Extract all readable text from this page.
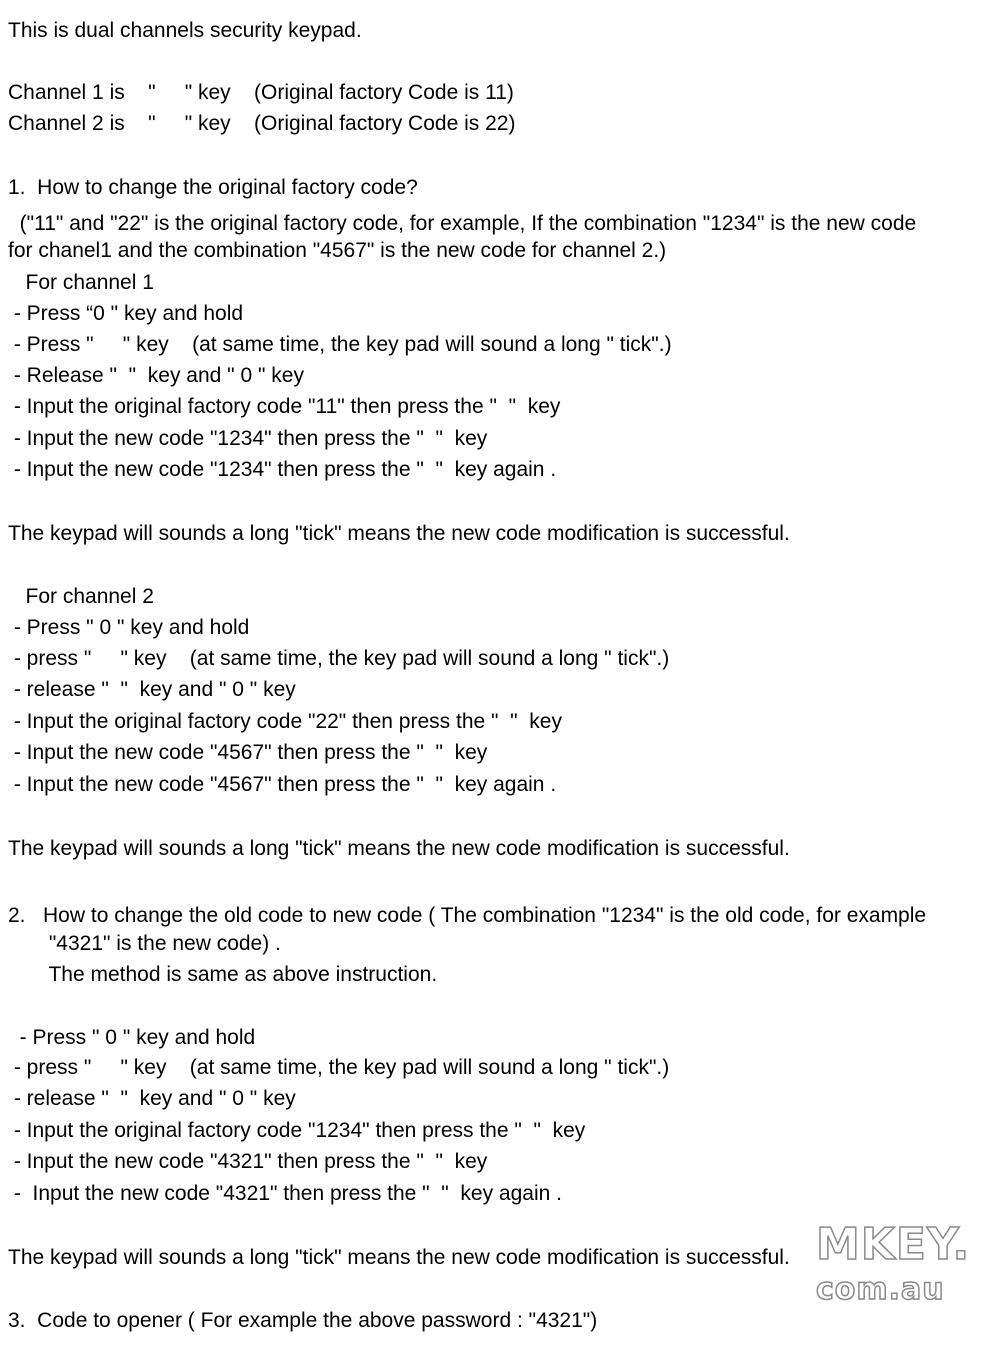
This is dual channels security keypad.
Channel 1 is    "     " key    (Original factory Code is 11)
Channel 2 is    "     " key    (Original factory Code is 22)
1.  How to change the original factory code?
("11" and "22" is the original factory code, for example, If the combination "1234" is the new code
for chanel1 and the combination "4567" is the new code for channel 2.)
For channel 1
- Press “0 " key and hold
- Press "     " key    (at same time, the key pad will sound a long " tick".)
- Release "  "  key and " 0 " key
- Input the original factory code "11" then press the "  "  key
- Input the new code "1234" then press the "  "  key
- Input the new code "1234" then press the "  "  key again .
The keypad will sounds a long "tick" means the new code modification is successful.
For channel 2
- Press " 0 " key and hold
- press "     " key    (at same time, the key pad will sound a long " tick".)
- release "  "  key and " 0 " key
- Input the original factory code "22" then press the "  "  key
- Input the new code "4567" then press the "  "  key
- Input the new code "4567" then press the "  "  key again .
The keypad will sounds a long "tick" means the new code modification is successful.
2.   How to change the old code to new code ( The combination "1234" is the old code, for example
"4321" is the new code) .
The method is same as above instruction.
- Press " 0 " key and hold
- press "     " key    (at same time, the key pad will sound a long " tick".)
- release "  "  key and " 0 " key
- Input the original factory code "1234" then press the "  "  key
- Input the new code "4321" then press the "  "  key
-  Input the new code "4321" then press the "  "  key again .
The keypad will sounds a long "tick" means the new code modification is successful.
3.  Code to opener ( For example the above password : "4321")
MKEY.
com.au
